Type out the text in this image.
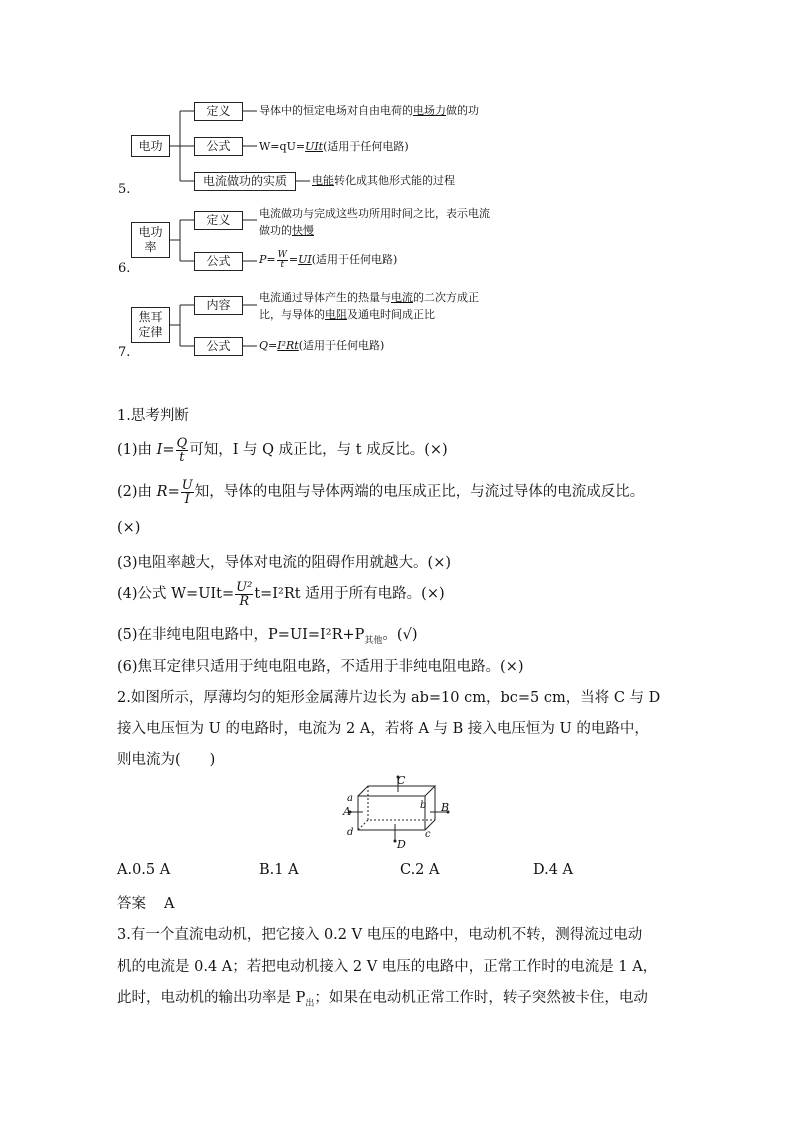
5.
电功
定义	导体中的恒定电场对自由电荷的电场力做的功
公式	W=qU=UIt(适用于任何电路)
电流做功的实质	电能转化成其他形式能的过程
6.
电功率
定义	电流做功与完成这些功所用时间之比，表示电流
做功的快慢
公式	$P= \frac{W}{t} =UI$(适用于任何电路)
7.
焦耳定律
内容
电流通过导体产生的热量与电流的二次方成正
比，与导体的电阻及通电时间成正比
公式	Q=I²Rt(适用于任何电路)
1.思考判断
(1)由 $I= \frac{Q}{t}$ 可知，I 与 Q 成正比，与 t 成反比。(×)
(2)由 $R= \frac{U}{I}$ 知，导体的电阻与导体两端的电压成正比，与流过导体的电流成反比。
(×)
(3)电阻率越大，导体对电流的阻碍作用就越大。(×)
(4)公式 $W=UIt= \frac{\text{U²}}{R} t=I^2Rt$ 适用于所有电路。(×)
(5)在非纯电阻电路中，$P=UI=I^2R+P_{其他}$。(√)
(6)焦耳定律只适用于纯电阻电路，不适用于非纯电阻电路。(×)
2.如图所示，厚薄均匀的矩形金属薄片边长为 ab=10 cm，bc=5 cm，当将 C 与 D
接入电压恒为 U 的电路时，电流为 2 A，若将 A 与 B 接入电压恒为 U 的电路中，
则电流为(　　)
C
D
A	B
a
b
c
d
A.0.5 A	B.1 A	C.2 A	D.4 A
答案 A
3.有一个直流电动机，把它接入 0.2 V 电压的电路中，电动机不转，测得流过电动
机的电流是 0.4 A；若把电动机接入 2 V 电压的电路中，正常工作时的电流是 1 A，
此时，电动机的输出功率是 $P_出$；如果在电动机正常工作时，转子突然被卡住，电动
